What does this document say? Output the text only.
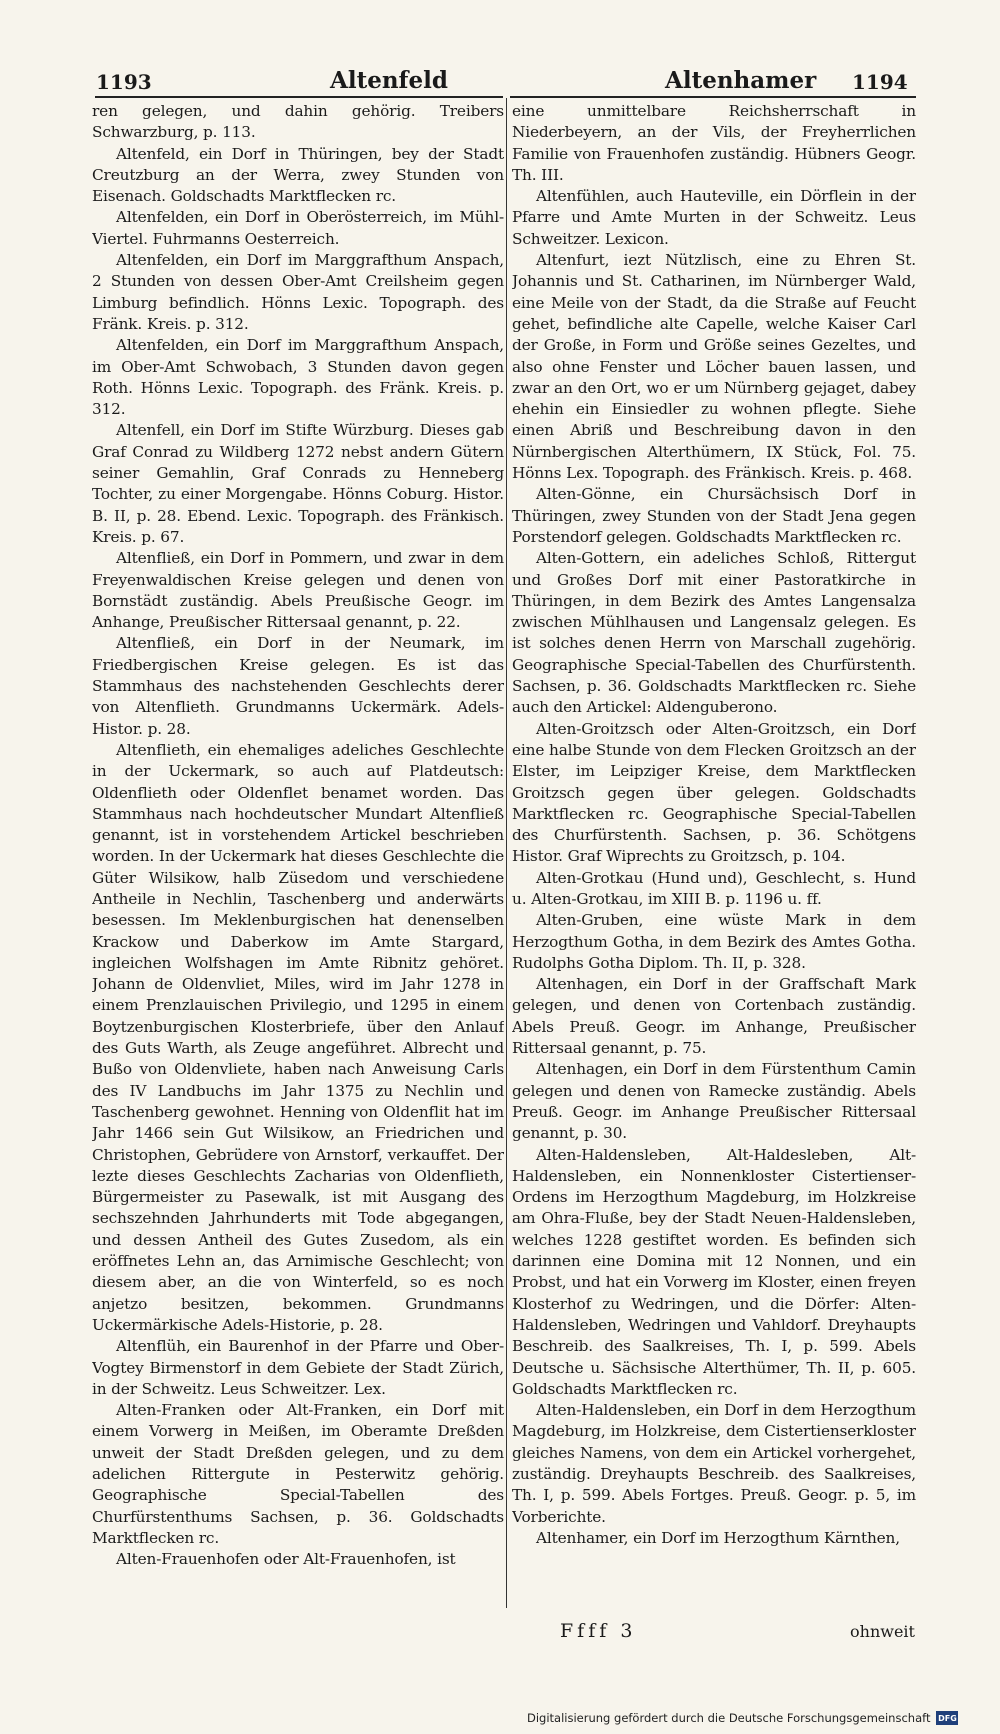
1193	Altenfeld	Altenhamer 1194

ren gelegen, und dahin gehörig. Treibers Schwarzburg, p. 113.

Altenfeld, ein Dorf in Thüringen, bey der Stadt Creutzburg an der Werra, zwey Stunden von Eisenach. Goldschadts Marktflecken rc.

Altenfelden, ein Dorf in Oberösterreich, im Mühl-Viertel. Fuhrmanns Oesterreich.

Altenfelden, ein Dorf im Marggrafthum Anspach, 2 Stunden von dessen Ober-Amt Creilsheim gegen Limburg befindlich. Hönns Lexic. Topograph. des Fränk. Kreis. p. 312.

Altenfelden, ein Dorf im Marggrafthum Anspach, im Ober-Amt Schwobach, 3 Stunden davon gegen Roth. Hönns Lexic. Topograph. des Fränk. Kreis. p. 312.

Altenfell, ein Dorf im Stifte Würzburg. Dieses gab Graf Conrad zu Wildberg 1272 nebst andern Gütern seiner Gemahlin, Graf Conrads zu Henneberg Tochter, zu einer Morgengabe. Hönns Coburg. Histor. B. II, p. 28. Ebend. Lexic. Topograph. des Fränkisch. Kreis. p. 67.

Altenfließ, ein Dorf in Pommern, und zwar in dem Freyenwaldischen Kreise gelegen und denen von Bornstädt zuständig. Abels Preußische Geogr. im Anhange, Preußischer Rittersaal genannt, p. 22.

Altenfließ, ein Dorf in der Neumark, im Friedbergischen Kreise gelegen. Es ist das Stammhaus des nachstehenden Geschlechts derer von Altenflieth. Grundmanns Uckermärk. Adels-Histor. p. 28.

Altenflieth, ein ehemaliges adeliches Geschlechte in der Uckermark, so auch auf Platdeutsch: Oldenflieth oder Oldenflet benamet worden. Das Stammhaus nach hochdeutscher Mundart Altenfließ genannt, ist in vorstehendem Artickel beschrieben worden. In der Uckermark hat dieses Geschlechte die Güter Wilsikow, halb Züsedom und verschiedene Antheile in Nechlin, Taschenberg und anderwärts besessen. Im Meklenburgischen hat denenselben Krackow und Daberkow im Amte Stargard, ingleichen Wolfshagen im Amte Ribnitz gehöret. Johann de Oldenvliet, Miles, wird im Jahr 1278 in einem Prenzlauischen Privilegio, und 1295 in einem Boytzenburgischen Klosterbriefe, über den Anlauf des Guts Warth, als Zeuge angeführet. Albrecht und Bußo von Oldenvliete, haben nach Anweisung Carls des IV Landbuchs im Jahr 1375 zu Nechlin und Taschenberg gewohnet. Henning von Oldenflit hat im Jahr 1466 sein Gut Wilsikow, an Friedrichen und Christophen, Gebrüdere von Arnstorf, verkauffet. Der lezte dieses Geschlechts Zacharias von Oldenflieth, Bürgermeister zu Pasewalk, ist mit Ausgang des sechszehnden Jahrhunderts mit Tode abgegangen, und dessen Antheil des Gutes Zusedom, als ein eröffnetes Lehn an, das Arnimische Geschlecht; von diesem aber, an die von Winterfeld, so es noch anjetzo besitzen, bekommen. Grundmanns Uckermärkische Adels-Historie, p. 28.

Altenflüh, ein Baurenhof in der Pfarre und Ober-Vogtey Birmenstorf in dem Gebiete der Stadt Zürich, in der Schweitz. Leus Schweitzer. Lex.

Alten-Franken oder Alt-Franken, ein Dorf mit einem Vorwerg in Meißen, im Oberamte Dreßden unweit der Stadt Dreßden gelegen, und zu dem adelichen Rittergute in Pesterwitz gehörig. Geographische Special-Tabellen des Churfürstenthums Sachsen, p. 36. Goldschadts Marktflecken rc.

Alten-Frauenhofen oder Alt-Frauenhofen, ist

eine unmittelbare Reichsherrschaft in Niederbeyern, an der Vils, der Freyherrlichen Familie von Frauenhofen zuständig. Hübners Geogr. Th. III.

Altenfühlen, auch Hauteville, ein Dörflein in der Pfarre und Amte Murten in der Schweitz. Leus Schweitzer. Lexicon.

Altenfurt, iezt Nützlisch, eine zu Ehren St. Johannis und St. Catharinen, im Nürnberger Wald, eine Meile von der Stadt, da die Straße auf Feucht gehet, befindliche alte Capelle, welche Kaiser Carl der Große, in Form und Größe seines Gezeltes, und also ohne Fenster und Löcher bauen lassen, und zwar an den Ort, wo er um Nürnberg gejaget, dabey ehehin ein Einsiedler zu wohnen pflegte. Siehe einen Abriß und Beschreibung davon in den Nürnbergischen Alterthümern, IX Stück, Fol. 75. Hönns Lex. Topograph. des Fränkisch. Kreis. p. 468.

Alten-Gönne, ein Chursächsisch Dorf in Thüringen, zwey Stunden von der Stadt Jena gegen Porstendorf gelegen. Goldschadts Marktflecken rc.

Alten-Gottern, ein adeliches Schloß, Rittergut und Großes Dorf mit einer Pastoratkirche in Thüringen, in dem Bezirk des Amtes Langensalza zwischen Mühlhausen und Langensalz gelegen. Es ist solches denen Herrn von Marschall zugehörig. Geographische Special-Tabellen des Churfürstenth. Sachsen, p. 36. Goldschadts Marktflecken rc. Siehe auch den Artickel: Aldenguberono.

Alten-Groitzsch oder Alten-Groitzsch, ein Dorf eine halbe Stunde von dem Flecken Groitzsch an der Elster, im Leipziger Kreise, dem Marktflecken Groitzsch gegen über gelegen. Goldschadts Marktflecken rc. Geographische Special-Tabellen des Churfürstenth. Sachsen, p. 36. Schötgens Histor. Graf Wiprechts zu Groitzsch, p. 104.

Alten-Grotkau (Hund und), Geschlecht, s. Hund u. Alten-Grotkau, im XIII B. p. 1196 u. ff.

Alten-Gruben, eine wüste Mark in dem Herzogthum Gotha, in dem Bezirk des Amtes Gotha. Rudolphs Gotha Diplom. Th. II, p. 328.

Altenhagen, ein Dorf in der Graffschaft Mark gelegen, und denen von Cortenbach zuständig. Abels Preuß. Geogr. im Anhange, Preußischer Rittersaal genannt, p. 75.

Altenhagen, ein Dorf in dem Fürstenthum Camin gelegen und denen von Ramecke zuständig. Abels Preuß. Geogr. im Anhange Preußischer Rittersaal genannt, p. 30.

Alten-Haldensleben, Alt-Haldesleben, Alt-Haldensleben, ein Nonnenkloster Cistertienser-Ordens im Herzogthum Magdeburg, im Holzkreise am Ohra-Fluße, bey der Stadt Neuen-Haldensleben, welches 1228 gestiftet worden. Es befinden sich darinnen eine Domina mit 12 Nonnen, und ein Probst, und hat ein Vorwerg im Kloster, einen freyen Klosterhof zu Wedringen, und die Dörfer: Alten-Haldensleben, Wedringen und Vahldorf. Dreyhaupts Beschreib. des Saalkreises, Th. I, p. 599. Abels Deutsche u. Sächsische Alterthümer, Th. II, p. 605. Goldschadts Marktflecken rc.

Alten-Haldensleben, ein Dorf in dem Herzogthum Magdeburg, im Holzkreise, dem Cistertienserkloster gleiches Namens, von dem ein Artickel vorhergehet, zuständig. Dreyhaupts Beschreib. des Saalkreises, Th. I, p. 599. Abels Fortges. Preuß. Geogr. p. 5, im Vorberichte.

Altenhamer, ein Dorf im Herzogthum Kärnthen,

Ffff 3	ohnweit
Digitalisierung gefördert durch die Deutsche Forschungsgemeinschaft DFG
